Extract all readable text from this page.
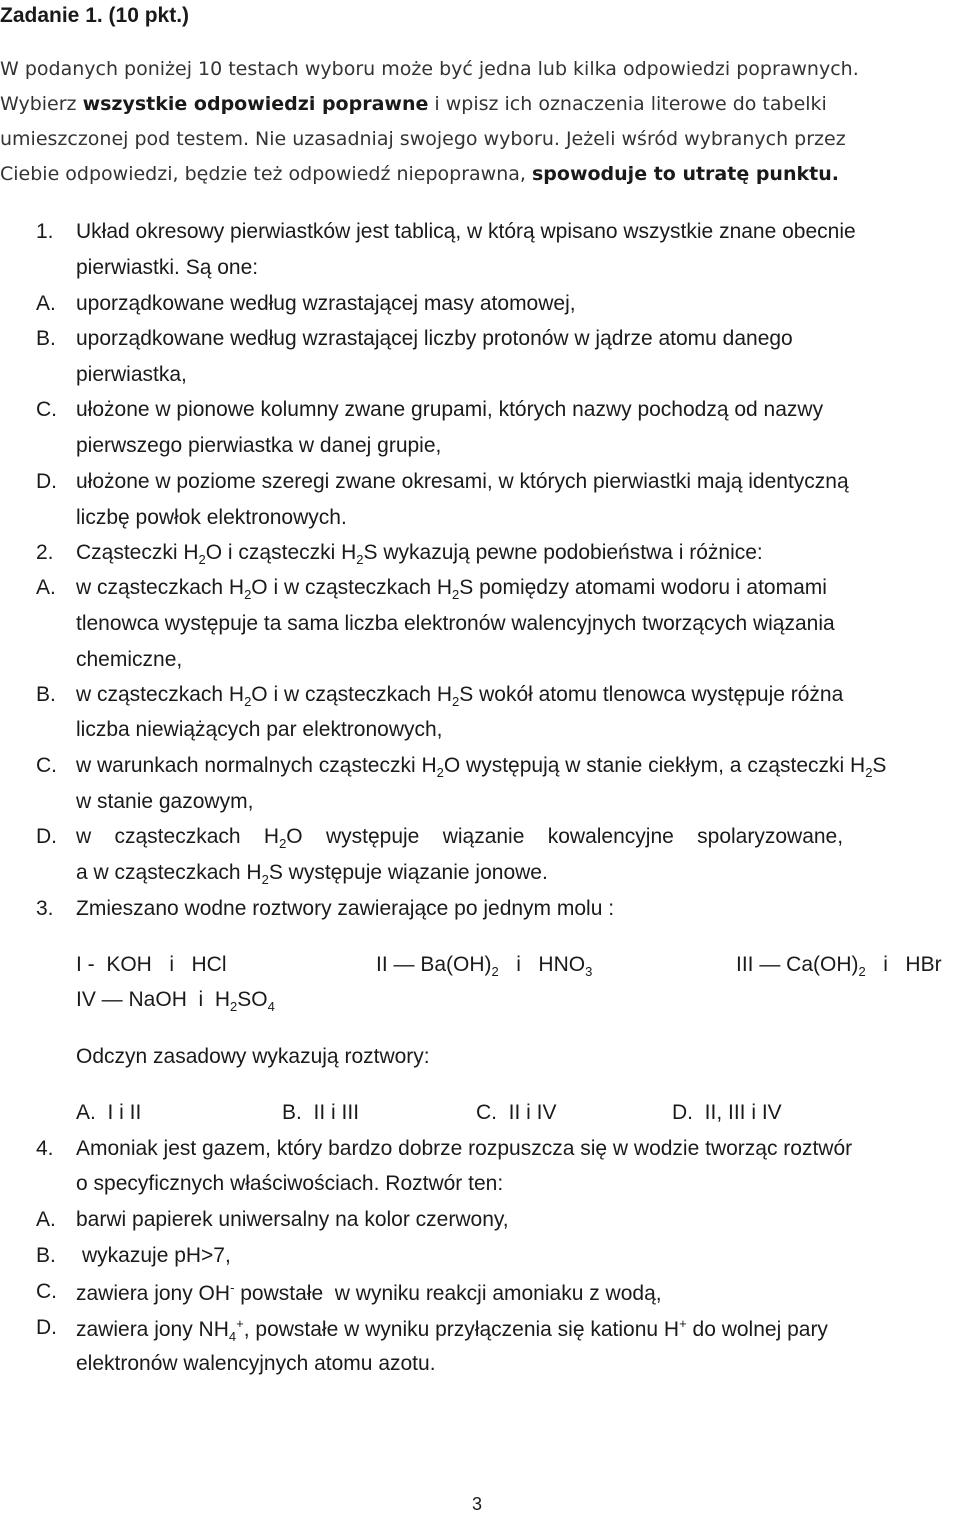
Zadanie 1. (10 pkt.)
W podanych poniżej 10 testach wyboru może być jedna lub kilka odpowiedzi poprawnych.
Wybierz wszystkie odpowiedzi poprawne i wpisz ich oznaczenia literowe do tabelki
umieszczonej pod testem. Nie uzasadniaj swojego wyboru. Jeżeli wśród wybranych przez
Ciebie odpowiedzi, będzie też odpowiedź niepoprawna, spowoduje to utratę punktu.
1. Układ okresowy pierwiastków jest tablicą, w którą wpisano wszystkie znane obecnie
pierwiastki. Są one:
A. uporządkowane według wzrastającej masy atomowej,
B. uporządkowane według wzrastającej liczby protonów w jądrze atomu danego
pierwiastka,
C. ułożone w pionowe kolumny zwane grupami, których nazwy pochodzą od nazwy
pierwszego pierwiastka w danej grupie,
D. ułożone w poziome szeregi zwane okresami, w których pierwiastki mają identyczną
liczbę powłok elektronowych.
2. Cząsteczki $H_2O$ i cząsteczki $H_2S$ wykazują pewne podobieństwa i różnice:
A. w cząsteczkach $H_2O$ i w cząsteczkach $H_2S$ pomiędzy atomami wodoru i atomami
tlenowca występuje ta sama liczba elektronów walencyjnych tworzących wiązania
chemiczne,
B. w cząsteczkach $H_2O$ i w cząsteczkach $H_2S$ wokół atomu tlenowca występuje różna
liczba niewiążących par elektronowych,
C. w warunkach normalnych cząsteczki $H_2O$ występują w stanie ciekłym, a cząsteczki $H_2S$
w stanie gazowym,
D. w    cząsteczkach    $H_2O$    występuje    wiązanie    kowalencyjne    spolaryzowane,
a w cząsteczkach $H_2S$ występuje wiązanie jonowe.
3. Zmieszano wodne roztwory zawierające po jednym molu :
I -  KOH   i   HCl	II — $Ba(OH)_2$   i   $HNO_3$	III — $Ca(OH)_2$   i   HBr
IV — NaOH  i  $H_2SO_4$
Odczyn zasadowy wykazują roztwory:
A. I i II	B. II i III	C. II i IV	D. II, III i IV
4. Amoniak jest gazem, który bardzo dobrze rozpuszcza się w wodzie tworząc roztwór
o specyficznych właściwościach. Roztwór ten:
A. barwi papierek uniwersalny na kolor czerwony,
B. wykazuje pH>7,
C. zawiera jony OH- powstałe  w wyniku reakcji amoniaku z wodą,
D. zawiera jony $NH_4^+$, powstałe w wyniku przyłączenia się kationu H+ do wolnej pary
elektronów walencyjnych atomu azotu.
3
